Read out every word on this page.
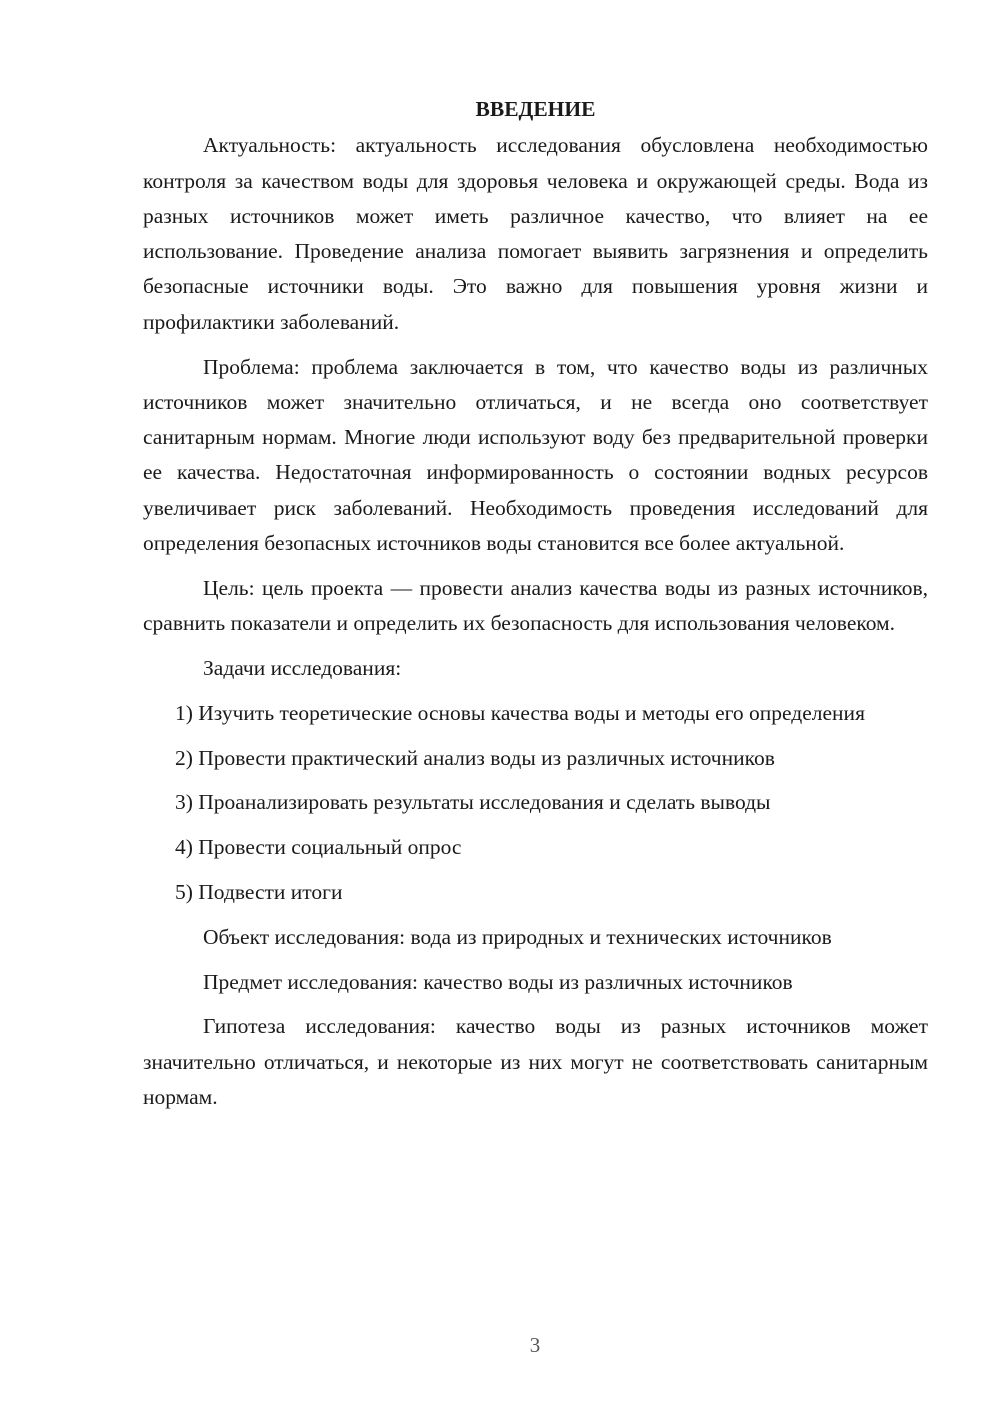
ВВЕДЕНИЕ

Актуальность: актуальность исследования обусловлена необходимостью контроля за качеством воды для здоровья человека и окружающей среды. Вода из разных источников может иметь различное качество, что влияет на ее использование. Проведение анализа помогает выявить загрязнения и определить безопасные источники воды. Это важно для повышения уровня жизни и профилактики заболеваний.

Проблема: проблема заключается в том, что качество воды из различных источников может значительно отличаться, и не всегда оно соответствует санитарным нормам. Многие люди используют воду без предварительной проверки ее качества. Недостаточная информированность о состоянии водных ресурсов увеличивает риск заболеваний. Необходимость проведения исследований для определения безопасных источников воды становится все более актуальной.

Цель: цель проекта — провести анализ качества воды из разных источников, сравнить показатели и определить их безопасность для использования человеком.

Задачи исследования:

1) Изучить теоретические основы качества воды и методы его определения

2) Провести практический анализ воды из различных источников

3) Проанализировать результаты исследования и сделать выводы

4) Провести социальный опрос

5) Подвести итоги

Объект исследования: вода из природных и технических источников

Предмет исследования: качество воды из различных источников

Гипотеза исследования: качество воды из разных источников может значительно отличаться, и некоторые из них могут не соответствовать санитарным нормам.

3
